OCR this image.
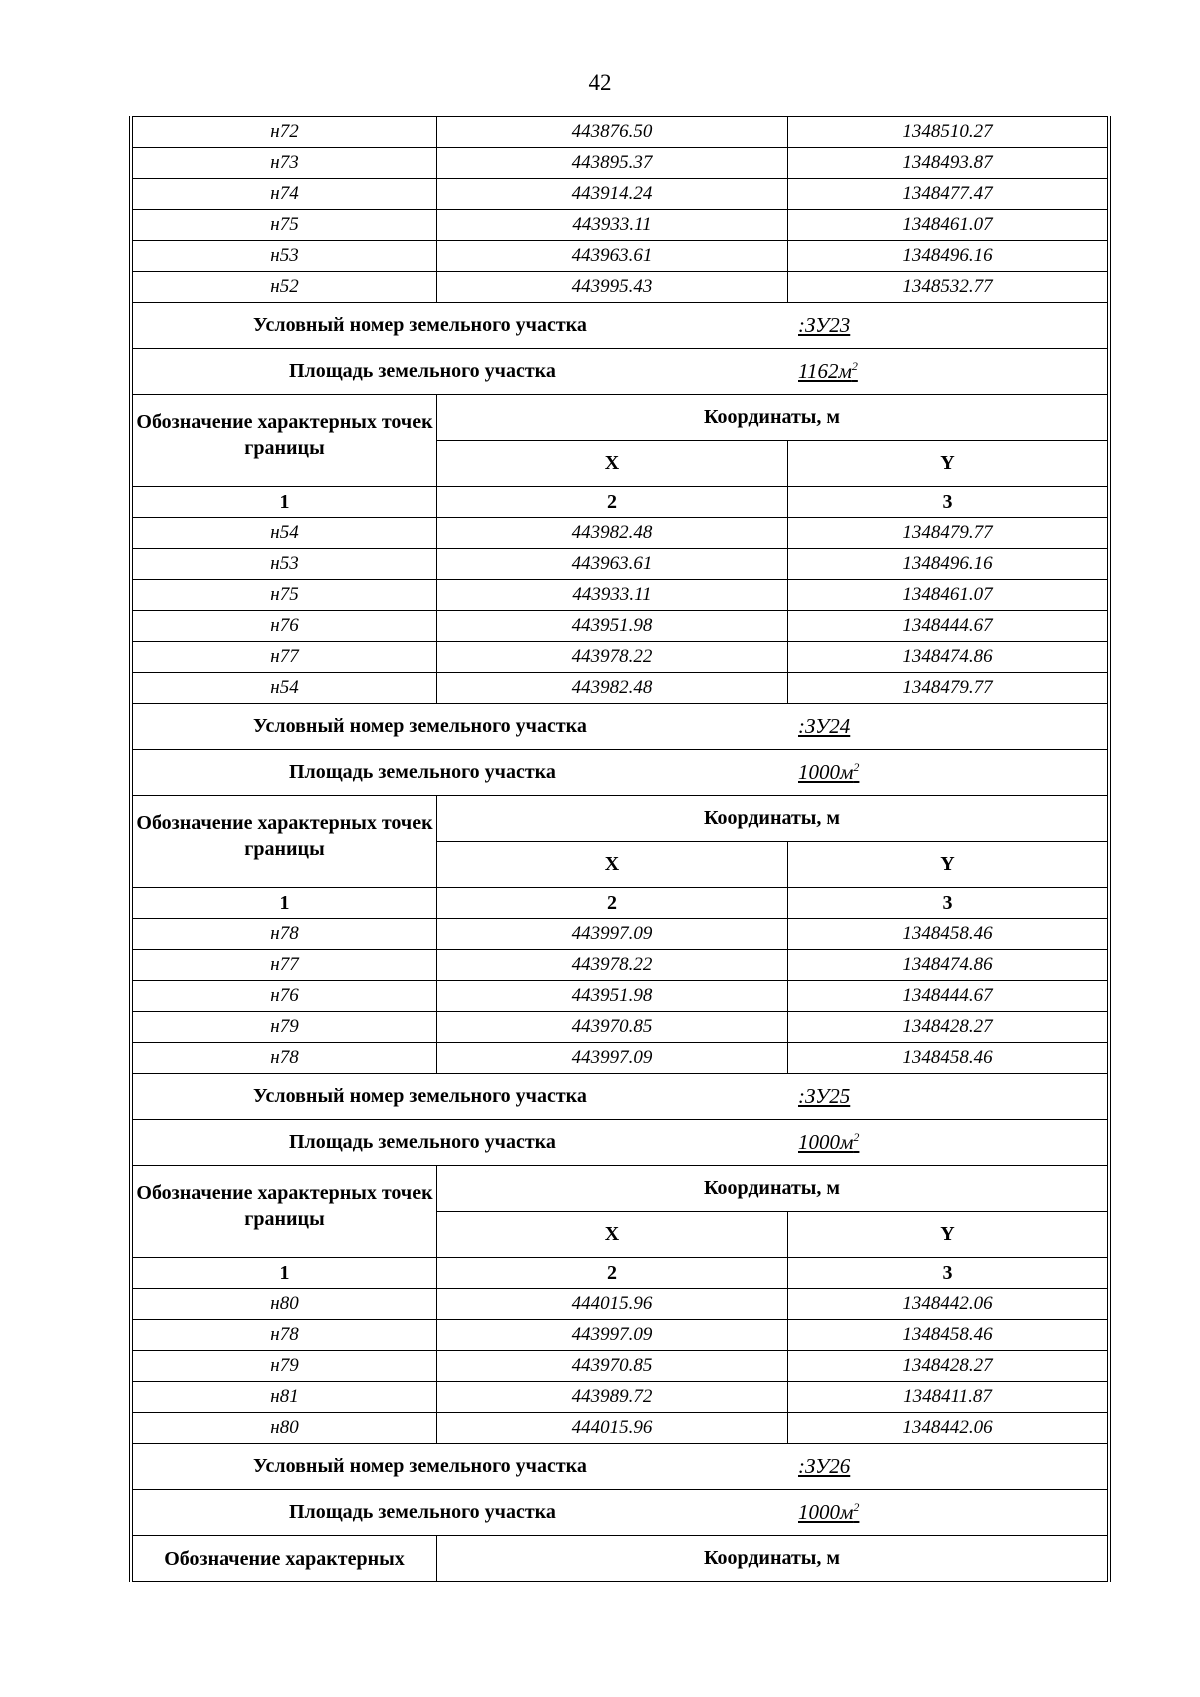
42
н72	443876.50	1348510.27
н73	443895.37	1348493.87
н74	443914.24	1348477.47
н75	443933.11	1348461.07
н53	443963.61	1348496.16
н52	443995.43	1348532.77

Условный номер земельного участка :ЗУ23		

Площадь земельного участка $1162м^2$

Обозначение характерных точек границы	Координаты, м	
	X	Y
1	2	3
н54	443982.48	1348479.77
н53	443963.61	1348496.16
н75	443933.11	1348461.07
н76	443951.98	1348444.67
н77	443978.22	1348474.86
н54	443982.48	1348479.77

Условный номер земельного участка :ЗУ24		

Площадь земельного участка $1000м^2$

Обозначение характерных точек границы	Координаты, м	
	X	Y
1	2	3
н78	443997.09	1348458.46
н77	443978.22	1348474.86
н76	443951.98	1348444.67
н79	443970.85	1348428.27
н78	443997.09	1348458.46

Условный номер земельного участка :ЗУ25		

Площадь земельного участка $1000м^2$

Обозначение характерных точек границы	Координаты, м	
	X	Y
1	2	3
н80	444015.96	1348442.06
н78	443997.09	1348458.46
н79	443970.85	1348428.27
н81	443989.72	1348411.87
н80	444015.96	1348442.06

Условный номер земельного участка :ЗУ26		

Площадь земельного участка $1000м^2$

Обозначение характерных	Координаты, м	
